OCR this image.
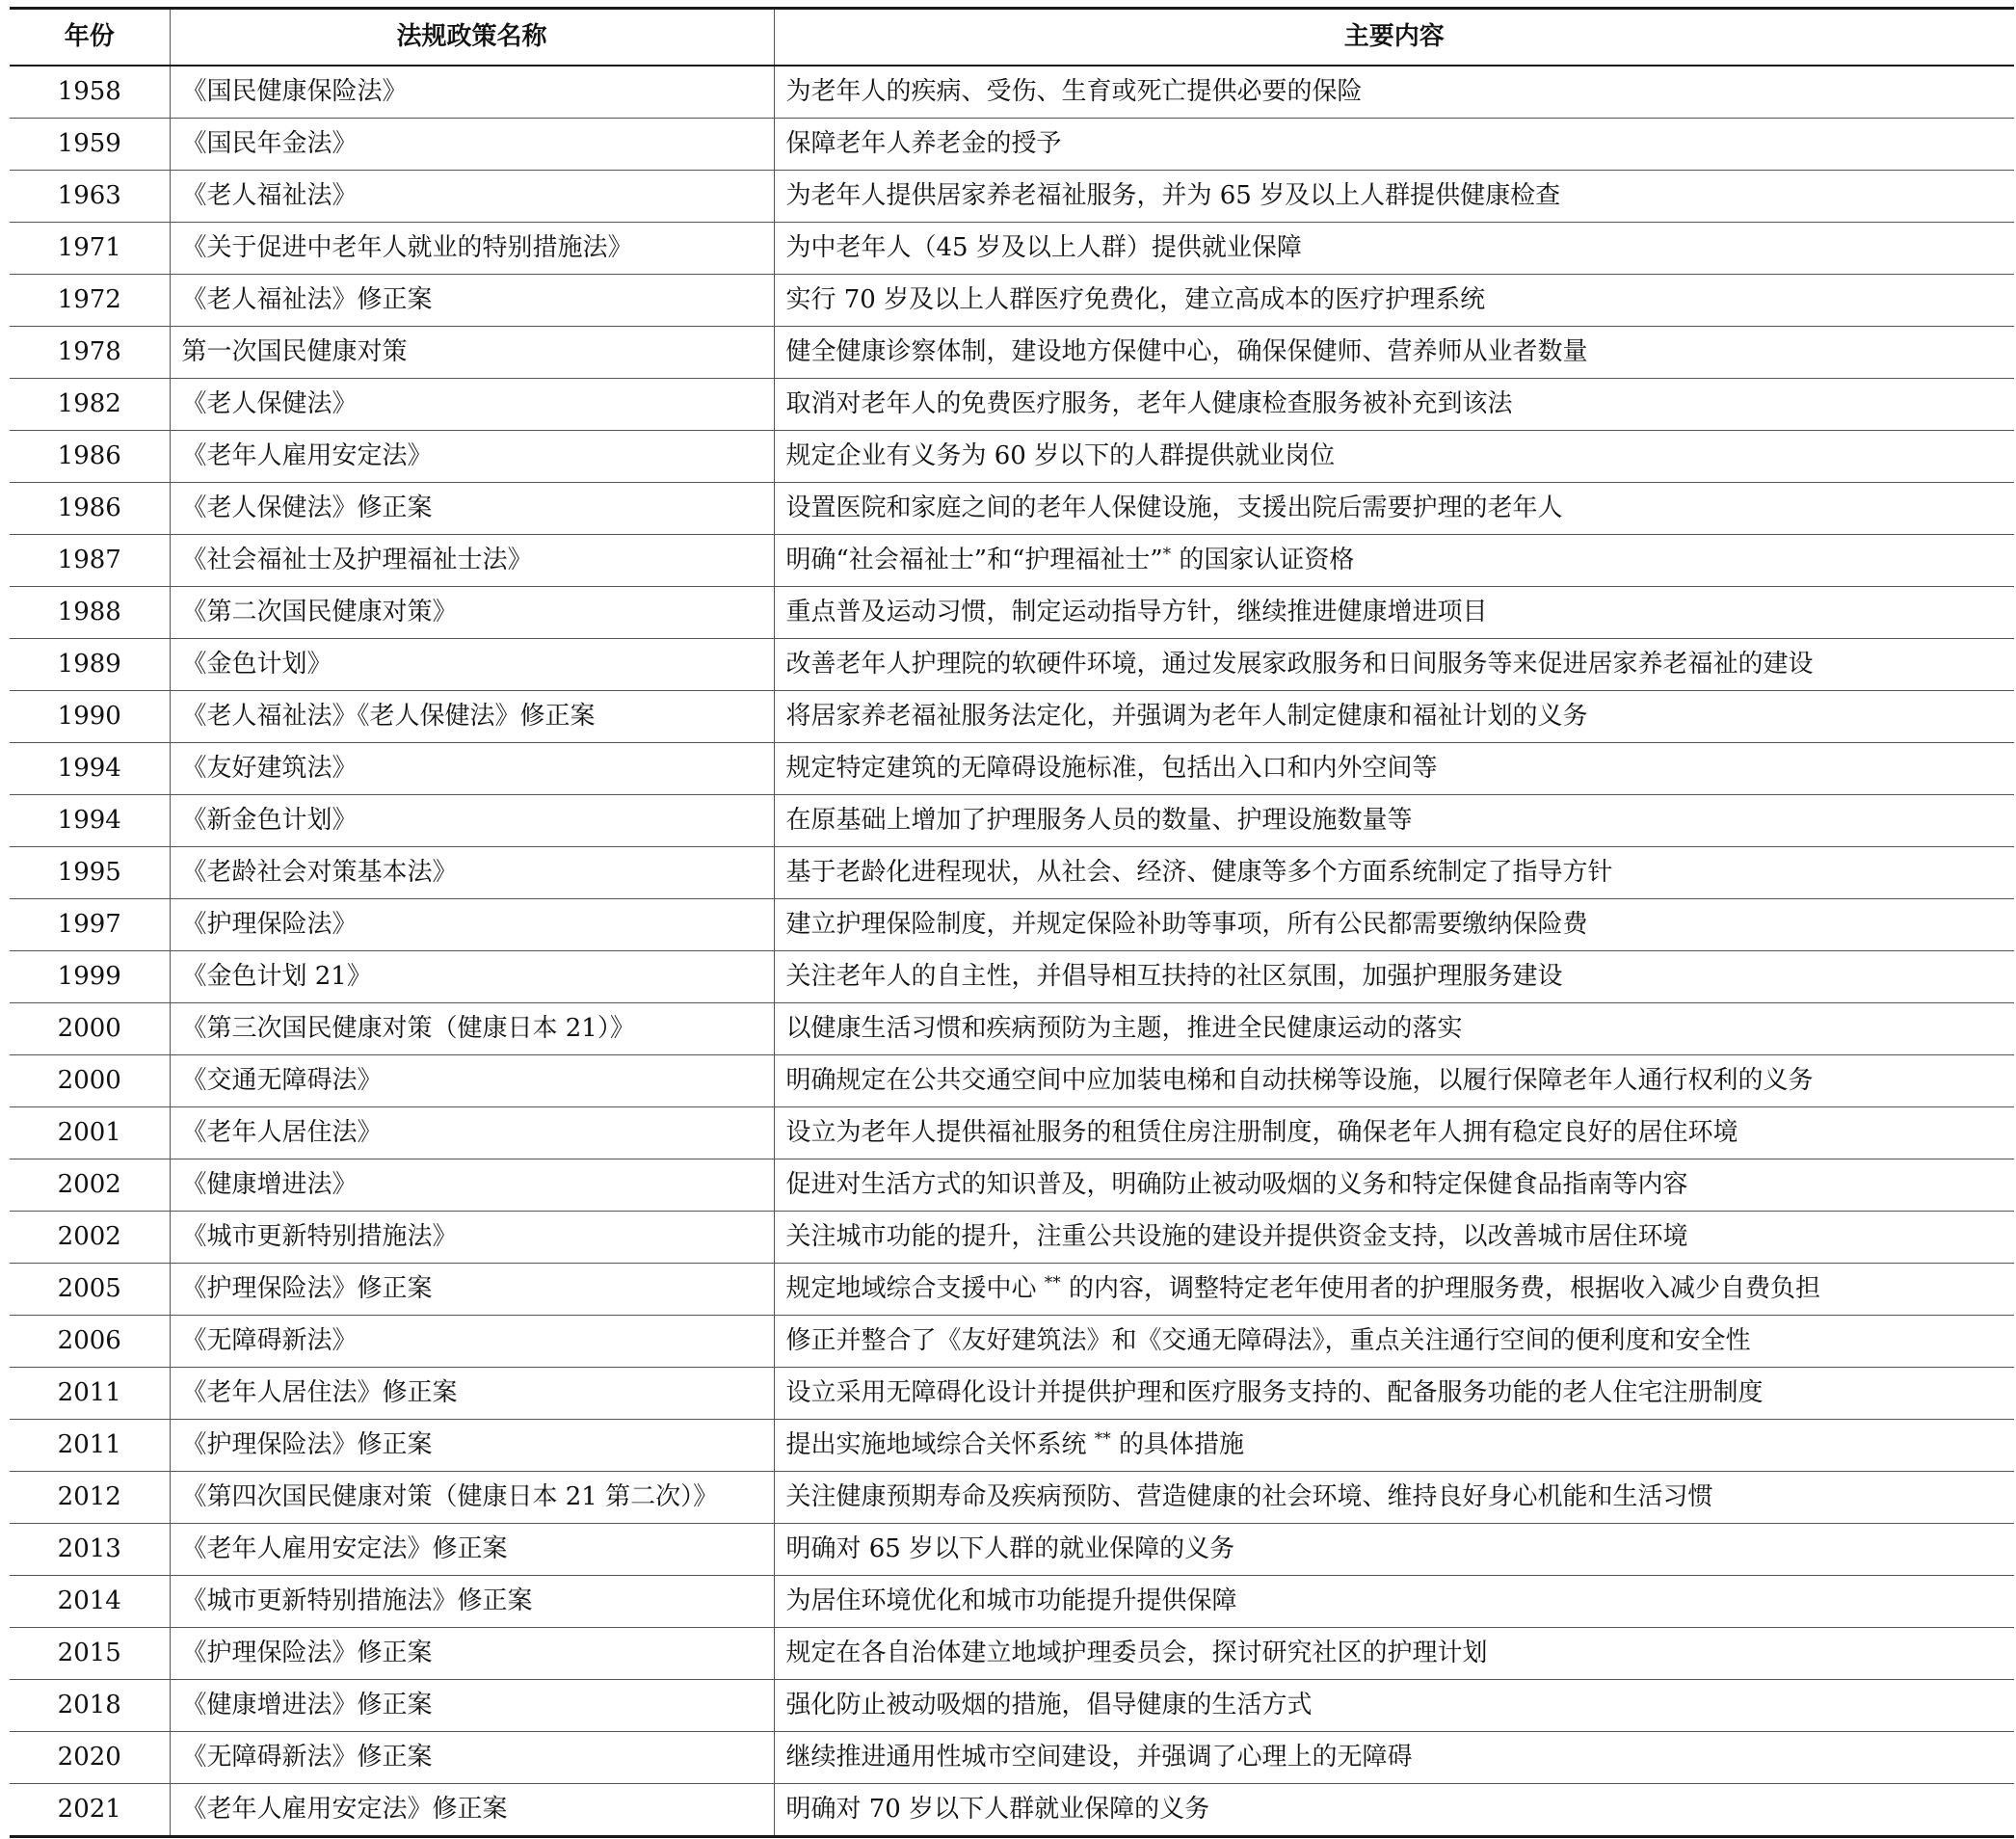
年份	法规政策名称	主要内容
1958	《国民健康保险法》	为老年人的疾病、受伤、生育或死亡提供必要的保险
1959	《国民年金法》	保障老年人养老金的授予
1963	《老人福祉法》	为老年人提供居家养老福祉服务，并为 65 岁及以上人群提供健康检查
1971	《关于促进中老年人就业的特别措施法》	为中老年人（45 岁及以上人群）提供就业保障
1972	《老人福祉法》修正案	实行 70 岁及以上人群医疗免费化，建立高成本的医疗护理系统
1978	第一次国民健康对策	健全健康诊察体制，建设地方保健中心，确保保健师、营养师从业者数量
1982	《老人保健法》	取消对老年人的免费医疗服务，老年人健康检查服务被补充到该法
1986	《老年人雇用安定法》	规定企业有义务为 60 岁以下的人群提供就业岗位
1986	《老人保健法》修正案	设置医院和家庭之间的老年人保健设施，支援出院后需要护理的老年人
1987	《社会福祉士及护理福祉士法》	明确“社会福祉士”和“护理福祉士”* 的国家认证资格
1988	《第二次国民健康对策》	重点普及运动习惯，制定运动指导方针，继续推进健康增进项目
1989	《金色计划》	改善老年人护理院的软硬件环境，通过发展家政服务和日间服务等来促进居家养老福祉的建设
1990	《老人福祉法》《老人保健法》修正案	将居家养老福祉服务法定化，并强调为老年人制定健康和福祉计划的义务
1994	《友好建筑法》	规定特定建筑的无障碍设施标准，包括出入口和内外空间等
1994	《新金色计划》	在原基础上增加了护理服务人员的数量、护理设施数量等
1995	《老龄社会对策基本法》	基于老龄化进程现状，从社会、经济、健康等多个方面系统制定了指导方针
1997	《护理保险法》	建立护理保险制度，并规定保险补助等事项，所有公民都需要缴纳保险费
1999	《金色计划 21》	关注老年人的自主性，并倡导相互扶持的社区氛围，加强护理服务建设
2000	《第三次国民健康对策（健康日本 21）》	以健康生活习惯和疾病预防为主题，推进全民健康运动的落实
2000	《交通无障碍法》	明确规定在公共交通空间中应加装电梯和自动扶梯等设施，以履行保障老年人通行权利的义务
2001	《老年人居住法》	设立为老年人提供福祉服务的租赁住房注册制度，确保老年人拥有稳定良好的居住环境
2002	《健康增进法》	促进对生活方式的知识普及，明确防止被动吸烟的义务和特定保健食品指南等内容
2002	《城市更新特别措施法》	关注城市功能的提升，注重公共设施的建设并提供资金支持，以改善城市居住环境
2005	《护理保险法》修正案	规定地域综合支援中心 ** 的内容，调整特定老年使用者的护理服务费，根据收入减少自费负担
2006	《无障碍新法》	修正并整合了《友好建筑法》和《交通无障碍法》，重点关注通行空间的便利度和安全性
2011	《老年人居住法》修正案	设立采用无障碍化设计并提供护理和医疗服务支持的、配备服务功能的老人住宅注册制度
2011	《护理保险法》修正案	提出实施地域综合关怀系统 ** 的具体措施
2012	《第四次国民健康对策（健康日本 21 第二次）》	关注健康预期寿命及疾病预防、营造健康的社会环境、维持良好身心机能和生活习惯
2013	《老年人雇用安定法》修正案	明确对 65 岁以下人群的就业保障的义务
2014	《城市更新特别措施法》修正案	为居住环境优化和城市功能提升提供保障
2015	《护理保险法》修正案	规定在各自治体建立地域护理委员会，探讨研究社区的护理计划
2018	《健康增进法》修正案	强化防止被动吸烟的措施，倡导健康的生活方式
2020	《无障碍新法》修正案	继续推进通用性城市空间建设，并强调了心理上的无障碍
2021	《老年人雇用安定法》修正案	明确对 70 岁以下人群就业保障的义务
